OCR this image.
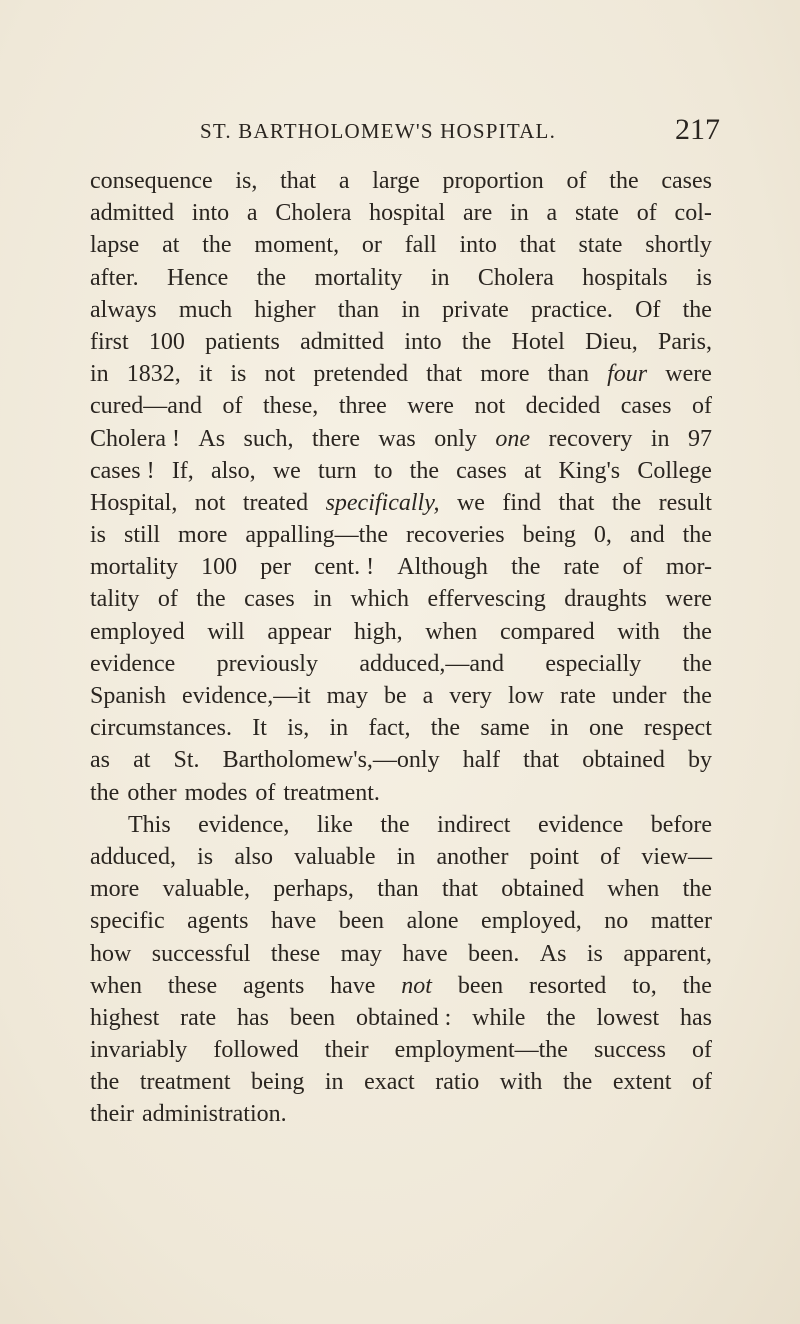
ST. BARTHOLOMEW'S HOSPITAL.	217
consequence is, that a large proportion of the cases
admitted into a Cholera hospital are in a state of col-
lapse at the moment, or fall into that state shortly
after. Hence the mortality in Cholera hospitals is
always much higher than in private practice. Of the
first 100 patients admitted into the Hotel Dieu, Paris,
in 1832, it is not pretended that more than four were
cured—and of these, three were not decided cases of
Cholera ! As such, there was only one recovery in 97
cases ! If, also, we turn to the cases at King's College
Hospital, not treated specifically, we find that the result
is still more appalling—the recoveries being 0, and the
mortality 100 per cent. ! Although the rate of mor-
tality of the cases in which effervescing draughts were
employed will appear high, when compared with the
evidence previously adduced,—and especially the
Spanish evidence,—it may be a very low rate under the
circumstances. It is, in fact, the same in one respect
as at St. Bartholomew's,—only half that obtained by
the other modes of treatment.
This evidence, like the indirect evidence before
adduced, is also valuable in another point of view—
more valuable, perhaps, than that obtained when the
specific agents have been alone employed, no matter
how successful these may have been. As is apparent,
when these agents have not been resorted to, the
highest rate has been obtained : while the lowest has
invariably followed their employment—the success of
the treatment being in exact ratio with the extent of
their administration.
